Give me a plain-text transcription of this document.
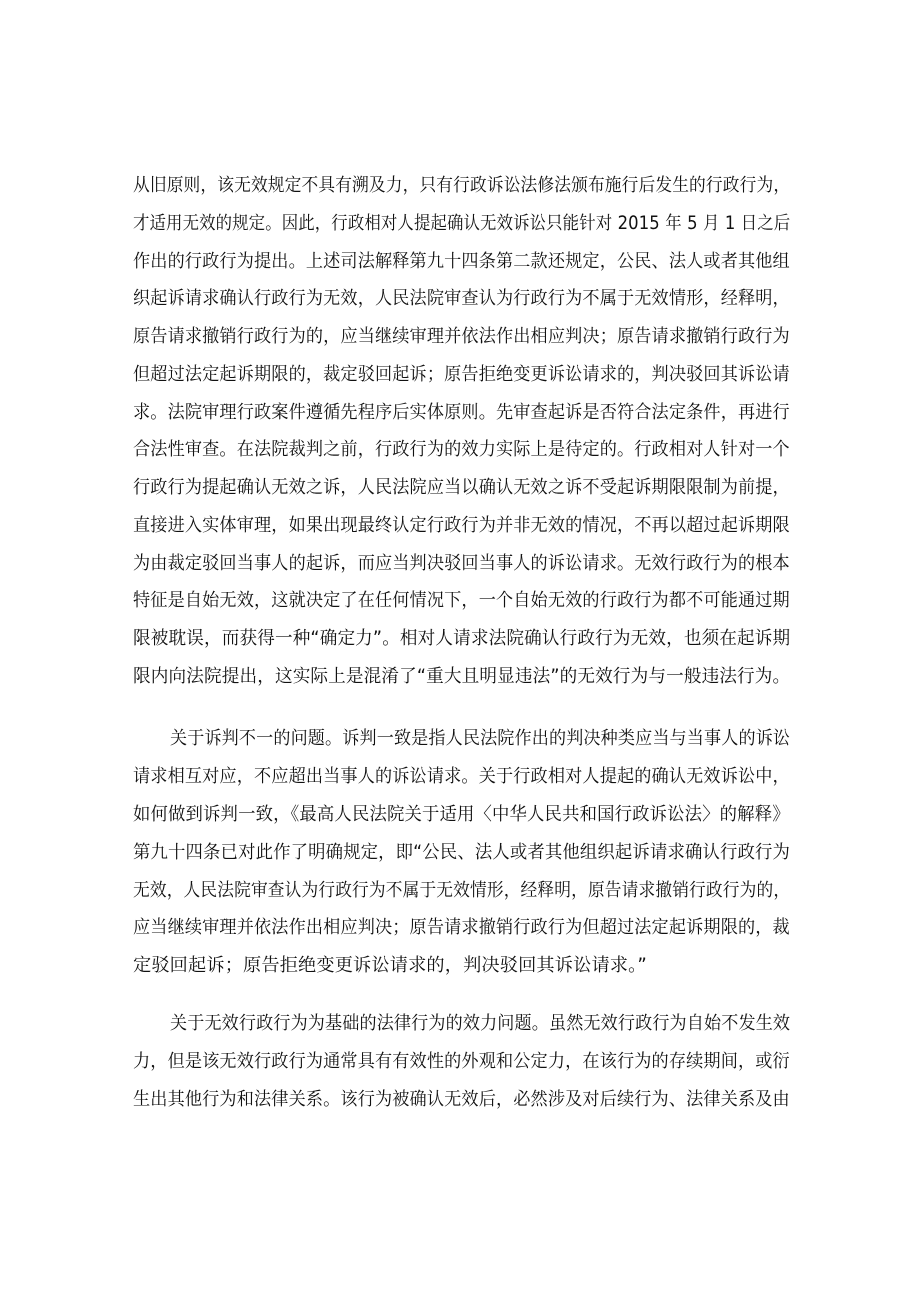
从旧原则，该无效规定不具有溯及力，只有行政诉讼法修法颁布施行后发生的行政行为，
才适用无效的规定。因此，行政相对人提起确认无效诉讼只能针对 2015 年 5 月 1 日之后
作出的行政行为提出。上述司法解释第九十四条第二款还规定，公民、法人或者其他组
织起诉请求确认行政行为无效，人民法院审查认为行政行为不属于无效情形，经释明，
原告请求撤销行政行为的，应当继续审理并依法作出相应判决；原告请求撤销行政行为
但超过法定起诉期限的，裁定驳回起诉；原告拒绝变更诉讼请求的，判决驳回其诉讼请
求。法院审理行政案件遵循先程序后实体原则。先审查起诉是否符合法定条件，再进行
合法性审查。在法院裁判之前，行政行为的效力实际上是待定的。行政相对人针对一个
行政行为提起确认无效之诉，人民法院应当以确认无效之诉不受起诉期限限制为前提，
直接进入实体审理，如果出现最终认定行政行为并非无效的情况，不再以超过起诉期限
为由裁定驳回当事人的起诉，而应当判决驳回当事人的诉讼请求。无效行政行为的根本
特征是自始无效，这就决定了在任何情况下，一个自始无效的行政行为都不可能通过期
限被耽误，而获得一种“确定力”。相对人请求法院确认行政行为无效，也须在起诉期
限内向法院提出，这实际上是混淆了“重大且明显违法”的无效行为与一般违法行为。
关于诉判不一的问题。诉判一致是指人民法院作出的判决种类应当与当事人的诉讼
请求相互对应，不应超出当事人的诉讼请求。关于行政相对人提起的确认无效诉讼中，
如何做到诉判一致，《最高人民法院关于适用〈中华人民共和国行政诉讼法〉的解释》
第九十四条已对此作了明确规定，即“公民、法人或者其他组织起诉请求确认行政行为
无效，人民法院审查认为行政行为不属于无效情形，经释明，原告请求撤销行政行为的，
应当继续审理并依法作出相应判决；原告请求撤销行政行为但超过法定起诉期限的，裁
定驳回起诉；原告拒绝变更诉讼请求的，判决驳回其诉讼请求。”
关于无效行政行为为基础的法律行为的效力问题。虽然无效行政行为自始不发生效
力，但是该无效行政行为通常具有有效性的外观和公定力，在该行为的存续期间，或衍
生出其他行为和法律关系。该行为被确认无效后，必然涉及对后续行为、法律关系及由
